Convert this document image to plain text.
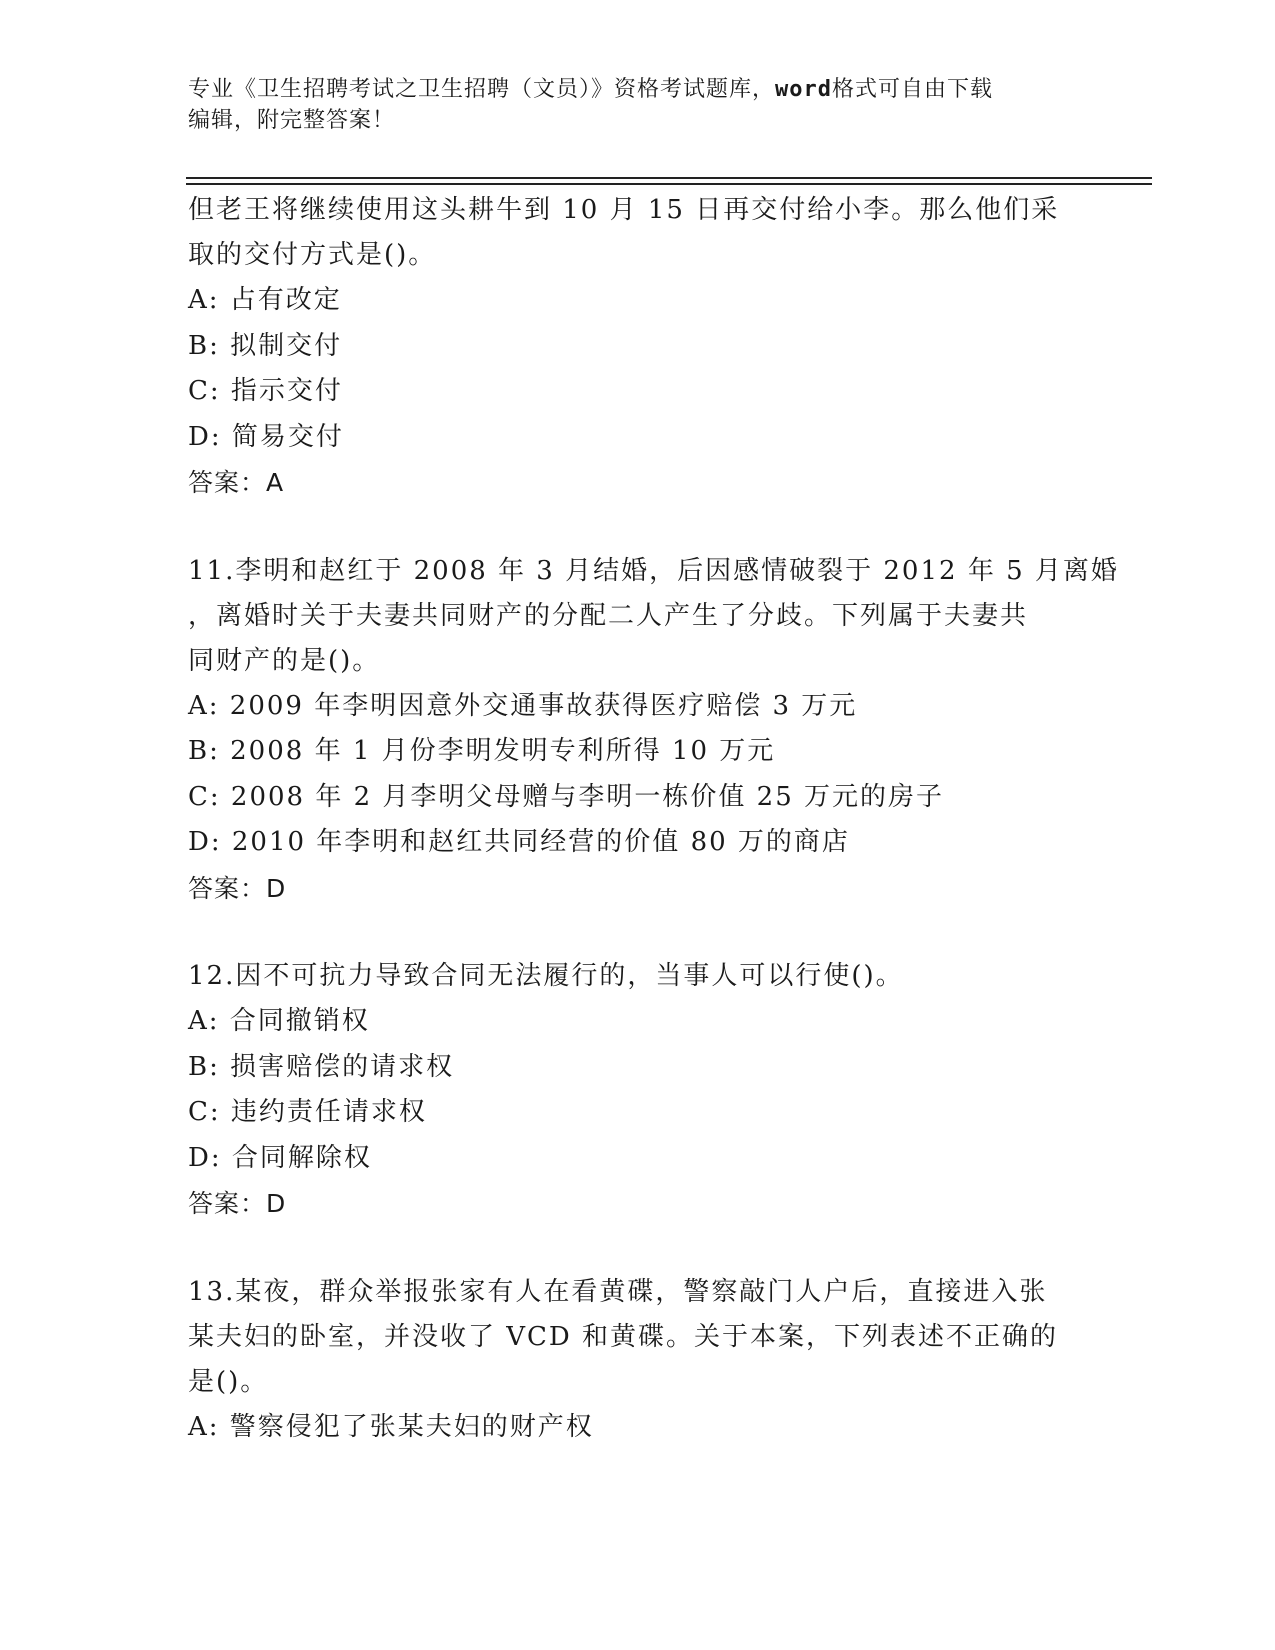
专业《卫生招聘考试之卫生招聘（文员）》资格考试题库，word格式可自由下载
编辑，附完整答案！
但老王将继续使用这头耕牛到 10 月 15 日再交付给小李。那么他们采
取的交付方式是()。
A: 占有改定
B: 拟制交付
C: 指示交付
D: 简易交付
答案：A
11.李明和赵红于 2008 年 3 月结婚，后因感情破裂于 2012 年 5 月离婚
，离婚时关于夫妻共同财产的分配二人产生了分歧。下列属于夫妻共
同财产的是()。
A: 2009 年李明因意外交通事故获得医疗赔偿 3 万元
B: 2008 年 1 月份李明发明专利所得 10 万元
C: 2008 年 2 月李明父母赠与李明一栋价值 25 万元的房子
D: 2010 年李明和赵红共同经营的价值 80 万的商店
答案：D
12.因不可抗力导致合同无法履行的，当事人可以行使()。
A: 合同撤销权
B: 损害赔偿的请求权
C: 违约责任请求权
D: 合同解除权
答案：D
13.某夜，群众举报张家有人在看黄碟，警察敲门人户后，直接进入张
某夫妇的卧室，并没收了 VCD 和黄碟。关于本案，下列表述不正确的
是()。
A: 警察侵犯了张某夫妇的财产权
